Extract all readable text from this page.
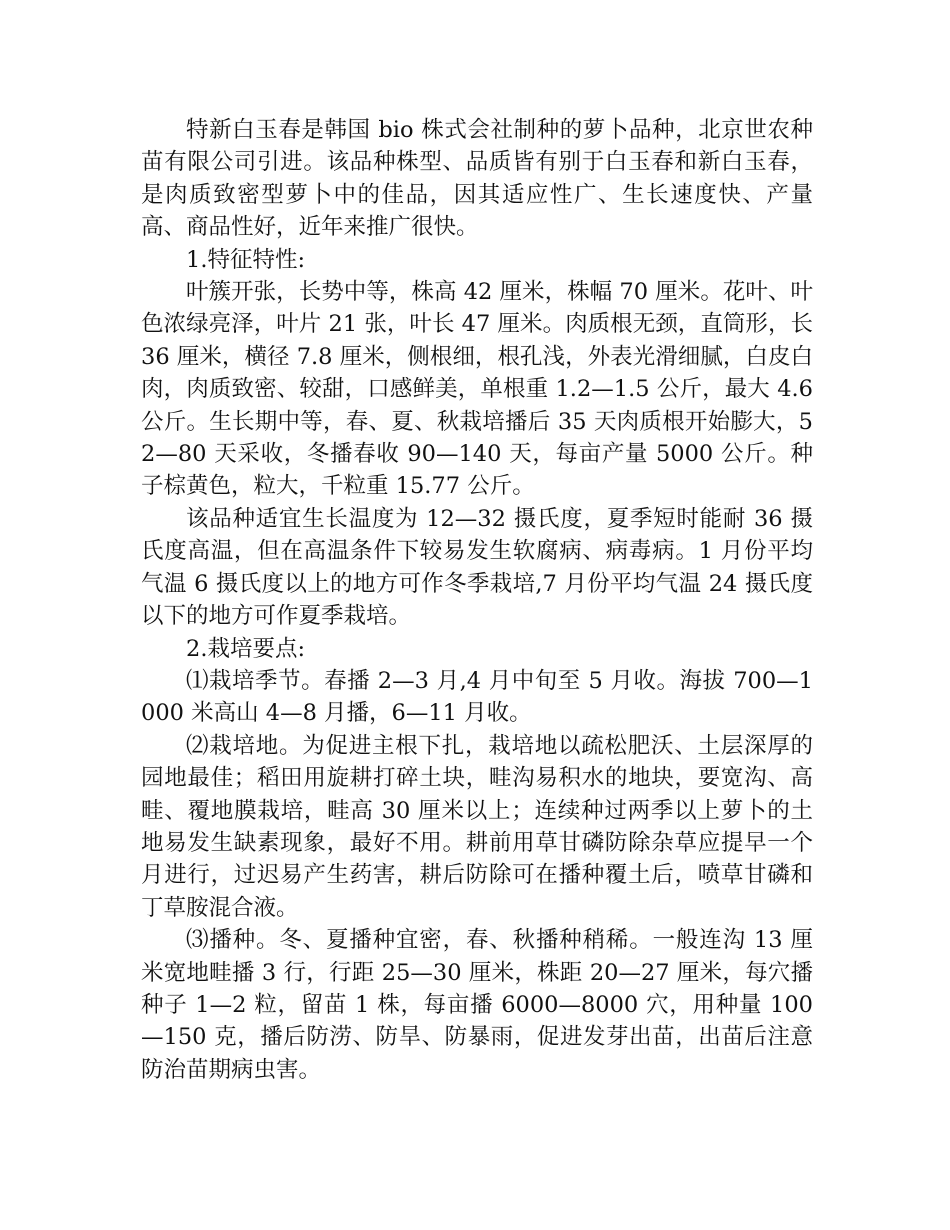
特新白玉春是韩国 bio 株式会社制种的萝卜品种，北京世农种苗有限公司引进。该品种株型、品质皆有别于白玉春和新白玉春，是肉质致密型萝卜中的佳品，因其适应性广、生长速度快、产量高、商品性好，近年来推广很快。

1.特征特性:

叶簇开张，长势中等，株高 42 厘米，株幅 70 厘米。花叶、叶色浓绿亮泽，叶片 21 张，叶长 47 厘米。肉质根无颈，直筒形，长 36 厘米，横径 7.8 厘米，侧根细，根孔浅，外表光滑细腻，白皮白肉，肉质致密、较甜，口感鲜美，单根重 1.2—1.5 公斤，最大 4.6 公斤。生长期中等，春、夏、秋栽培播后 35 天肉质根开始膨大，52—80 天采收，冬播春收 90—140 天，每亩产量 5000 公斤。种子棕黄色，粒大，千粒重 15.77 公斤。

该品种适宜生长温度为 12—32 摄氏度，夏季短时能耐 36 摄氏度高温，但在高温条件下较易发生软腐病、病毒病。1 月份平均气温 6 摄氏度以上的地方可作冬季栽培,7 月份平均气温 24 摄氏度以下的地方可作夏季栽培。

2.栽培要点:

⑴栽培季节。春播 2—3 月,4 月中旬至 5 月收。海拔 700—1000 米高山 4—8 月播，6—11 月收。

⑵栽培地。为促进主根下扎，栽培地以疏松肥沃、土层深厚的园地最佳；稻田用旋耕打碎土块，畦沟易积水的地块，要宽沟、高畦、覆地膜栽培，畦高 30 厘米以上；连续种过两季以上萝卜的土地易发生缺素现象，最好不用。耕前用草甘磷防除杂草应提早一个月进行，过迟易产生药害，耕后防除可在播种覆土后，喷草甘磷和丁草胺混合液。

⑶播种。冬、夏播种宜密，春、秋播种稍稀。一般连沟 13 厘米宽地畦播 3 行，行距 25—30 厘米，株距 20—27 厘米，每穴播种子 1—2 粒，留苗 1 株，每亩播 6000—8000 穴，用种量 100—150 克，播后防涝、防旱、防暴雨，促进发芽出苗，出苗后注意防治苗期病虫害。
